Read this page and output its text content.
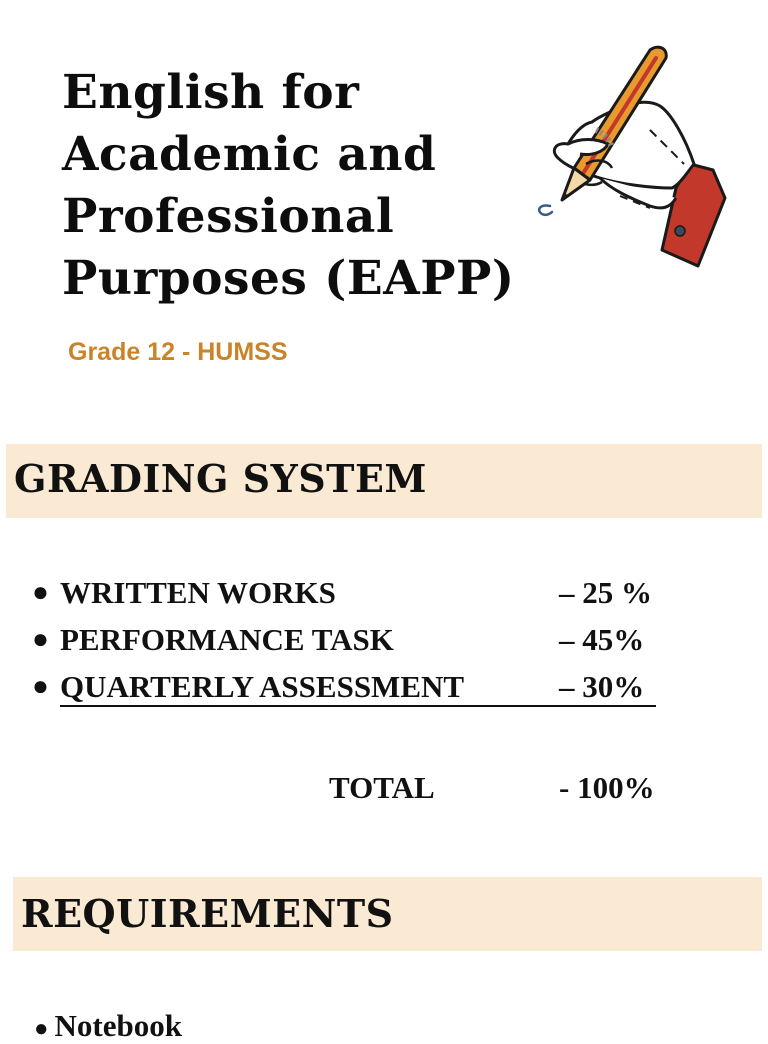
English for
Academic and
Professional
Purposes (EAPP)
Grade 12 - HUMSS
GRADING SYSTEM
● WRITTEN WORKS	– 25 %
● PERFORMANCE TASK	– 45%
● QUARTERLY ASSESSMENT	– 30%
TOTAL	- 100%
REQUIREMENTS
● Notebook
